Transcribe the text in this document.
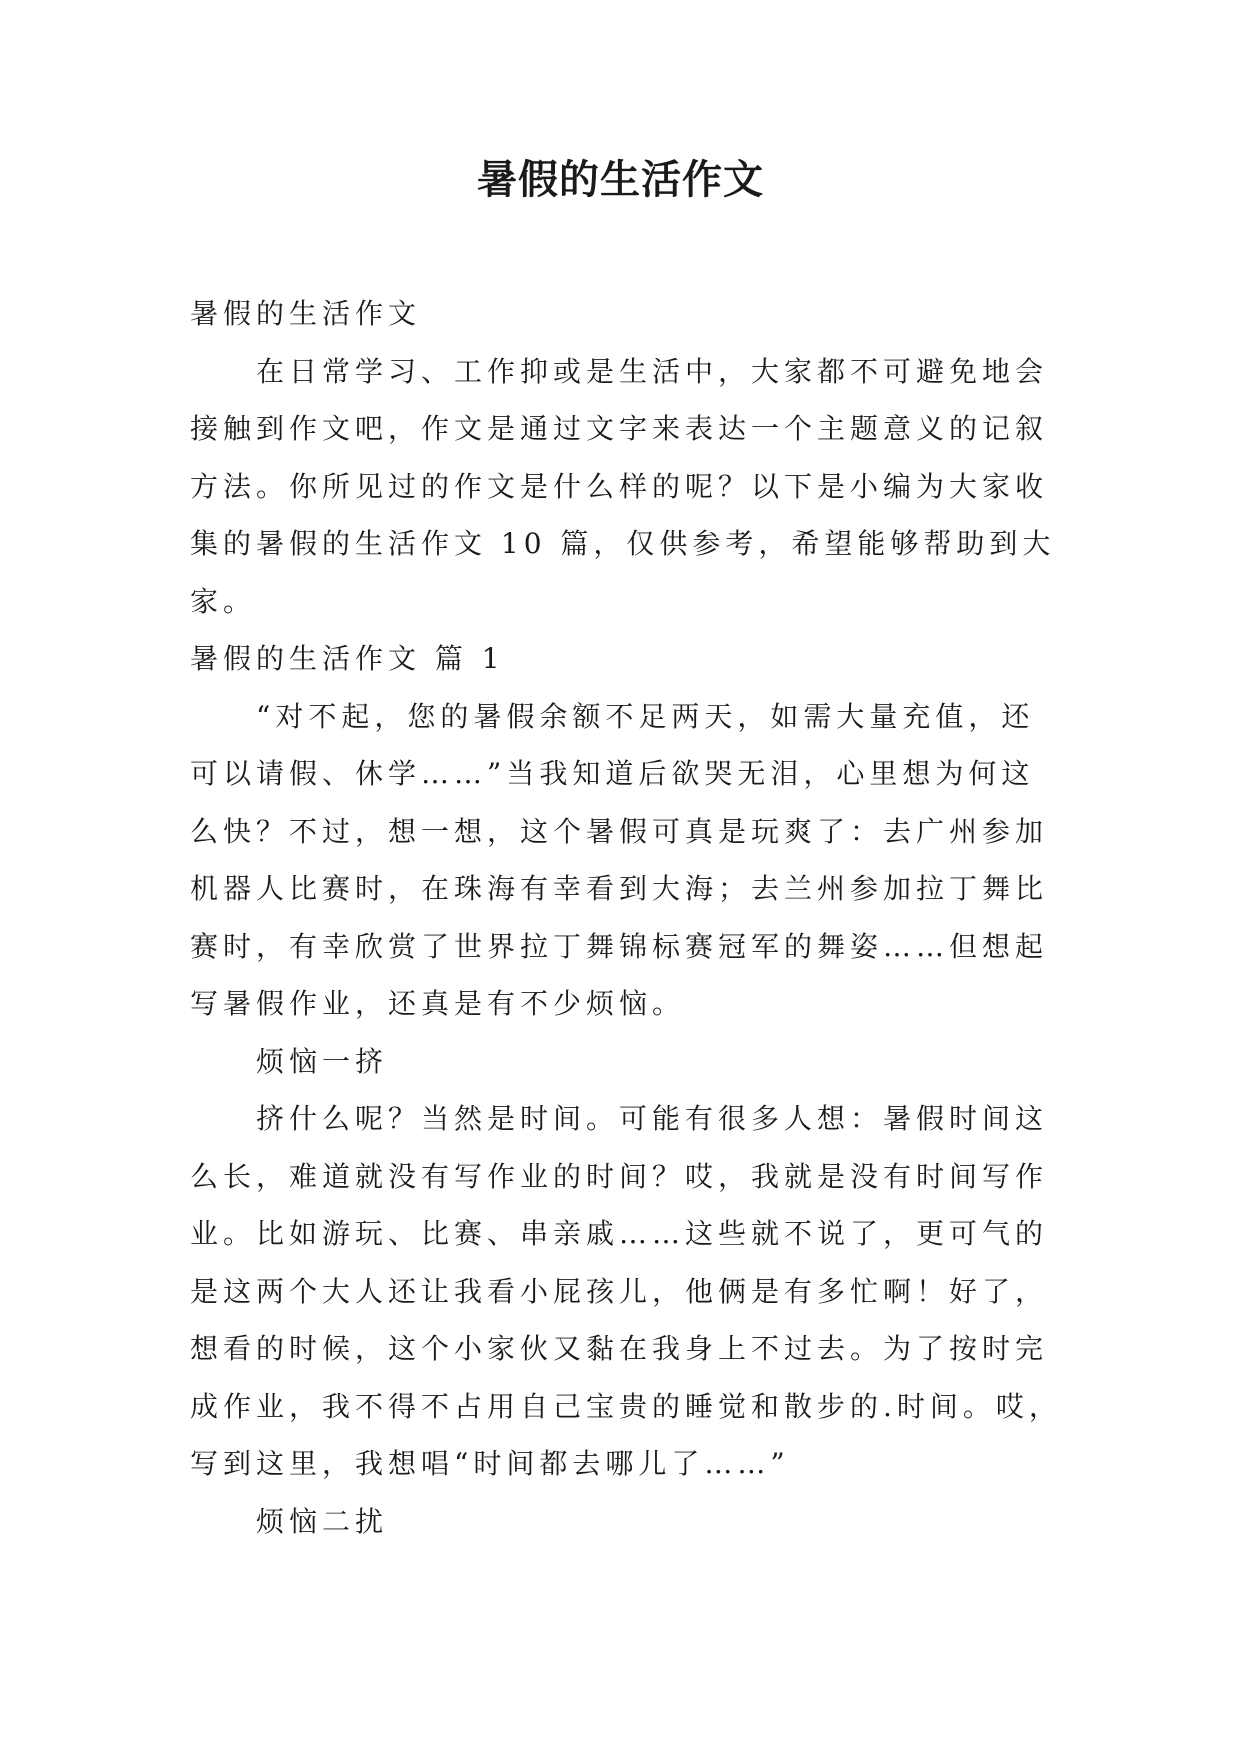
暑假的生活作文

暑假的生活作文

在日常学习、工作抑或是生活中，大家都不可避免地会

接触到作文吧，作文是通过文字来表达一个主题意义的记叙

方法。你所见过的作文是什么样的呢？以下是小编为大家收

集的暑假的生活作文 10 篇，仅供参考，希望能够帮助到大

家。

暑假的生活作文 篇 1

“对不起，您的暑假余额不足两天，如需大量充值，还

可以请假、休学……”当我知道后欲哭无泪，心里想为何这

么快？不过，想一想，这个暑假可真是玩爽了：去广州参加

机器人比赛时，在珠海有幸看到大海；去兰州参加拉丁舞比

赛时，有幸欣赏了世界拉丁舞锦标赛冠军的舞姿……但想起

写暑假作业，还真是有不少烦恼。

烦恼一挤

挤什么呢？当然是时间。可能有很多人想：暑假时间这

么长，难道就没有写作业的时间？哎，我就是没有时间写作

业。比如游玩、比赛、串亲戚……这些就不说了，更可气的

是这两个大人还让我看小屁孩儿，他俩是有多忙啊！好了，

想看的时候，这个小家伙又黏在我身上不过去。为了按时完

成作业，我不得不占用自己宝贵的睡觉和散步的.时间。哎，

写到这里，我想唱“时间都去哪儿了……”

烦恼二扰
